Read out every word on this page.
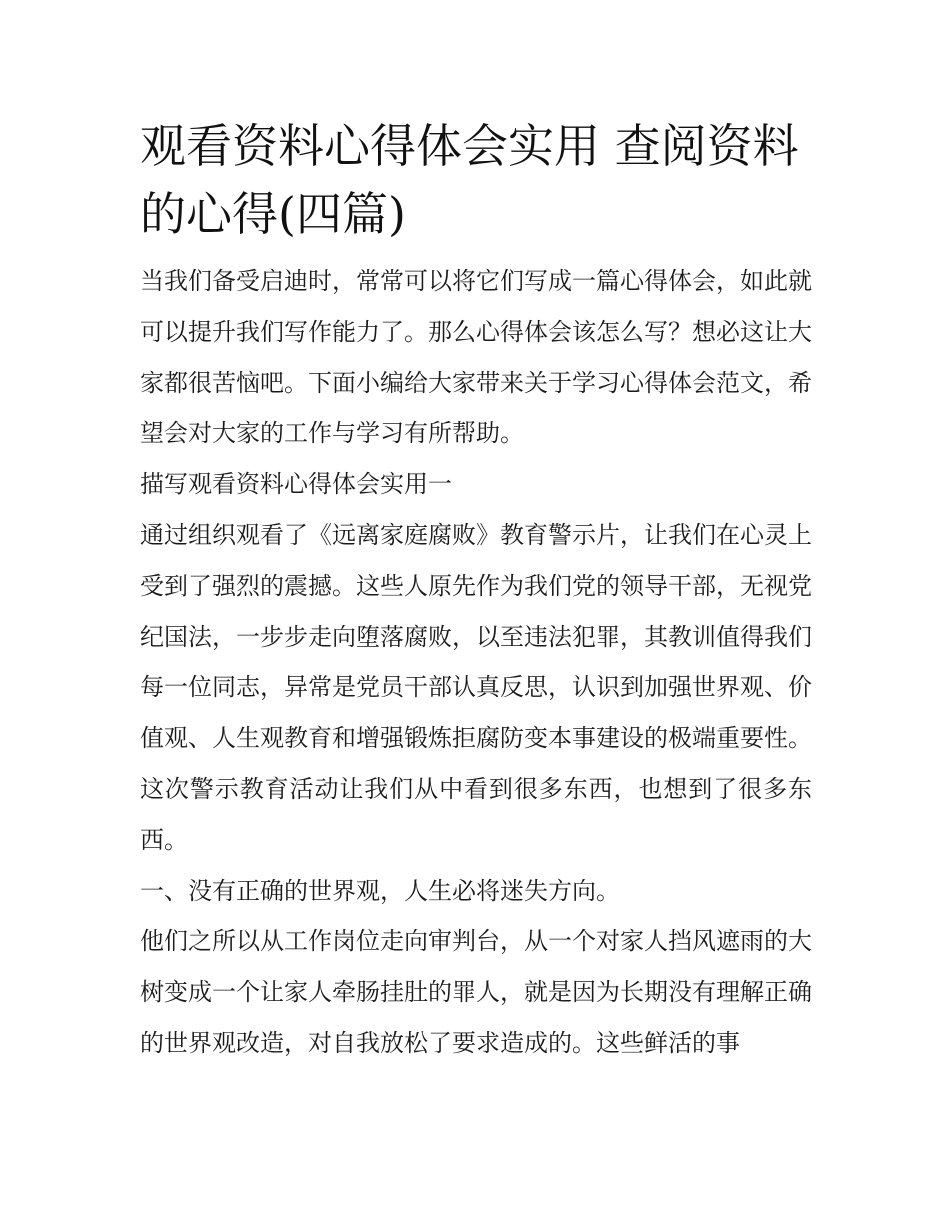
观看资料心得体会实用 查阅资料的心得(四篇)

当我们备受启迪时，常常可以将它们写成一篇心得体会，如此就可以提升我们写作能力了。那么心得体会该怎么写？想必这让大家都很苦恼吧。下面小编给大家带来关于学习心得体会范文，希望会对大家的工作与学习有所帮助。

描写观看资料心得体会实用一

通过组织观看了《远离家庭腐败》教育警示片，让我们在心灵上受到了强烈的震撼。这些人原先作为我们党的领导干部，无视党纪国法，一步步走向堕落腐败，以至违法犯罪，其教训值得我们每一位同志，异常是党员干部认真反思，认识到加强世界观、价值观、人生观教育和增强锻炼拒腐防变本事建设的极端重要性。这次警示教育活动让我们从中看到很多东西，也想到了很多东西。

一、没有正确的世界观，人生必将迷失方向。

他们之所以从工作岗位走向审判台，从一个对家人挡风遮雨的大树变成一个让家人牵肠挂肚的罪人，就是因为长期没有理解正确的世界观改造，对自我放松了要求造成的。这些鲜活的事
